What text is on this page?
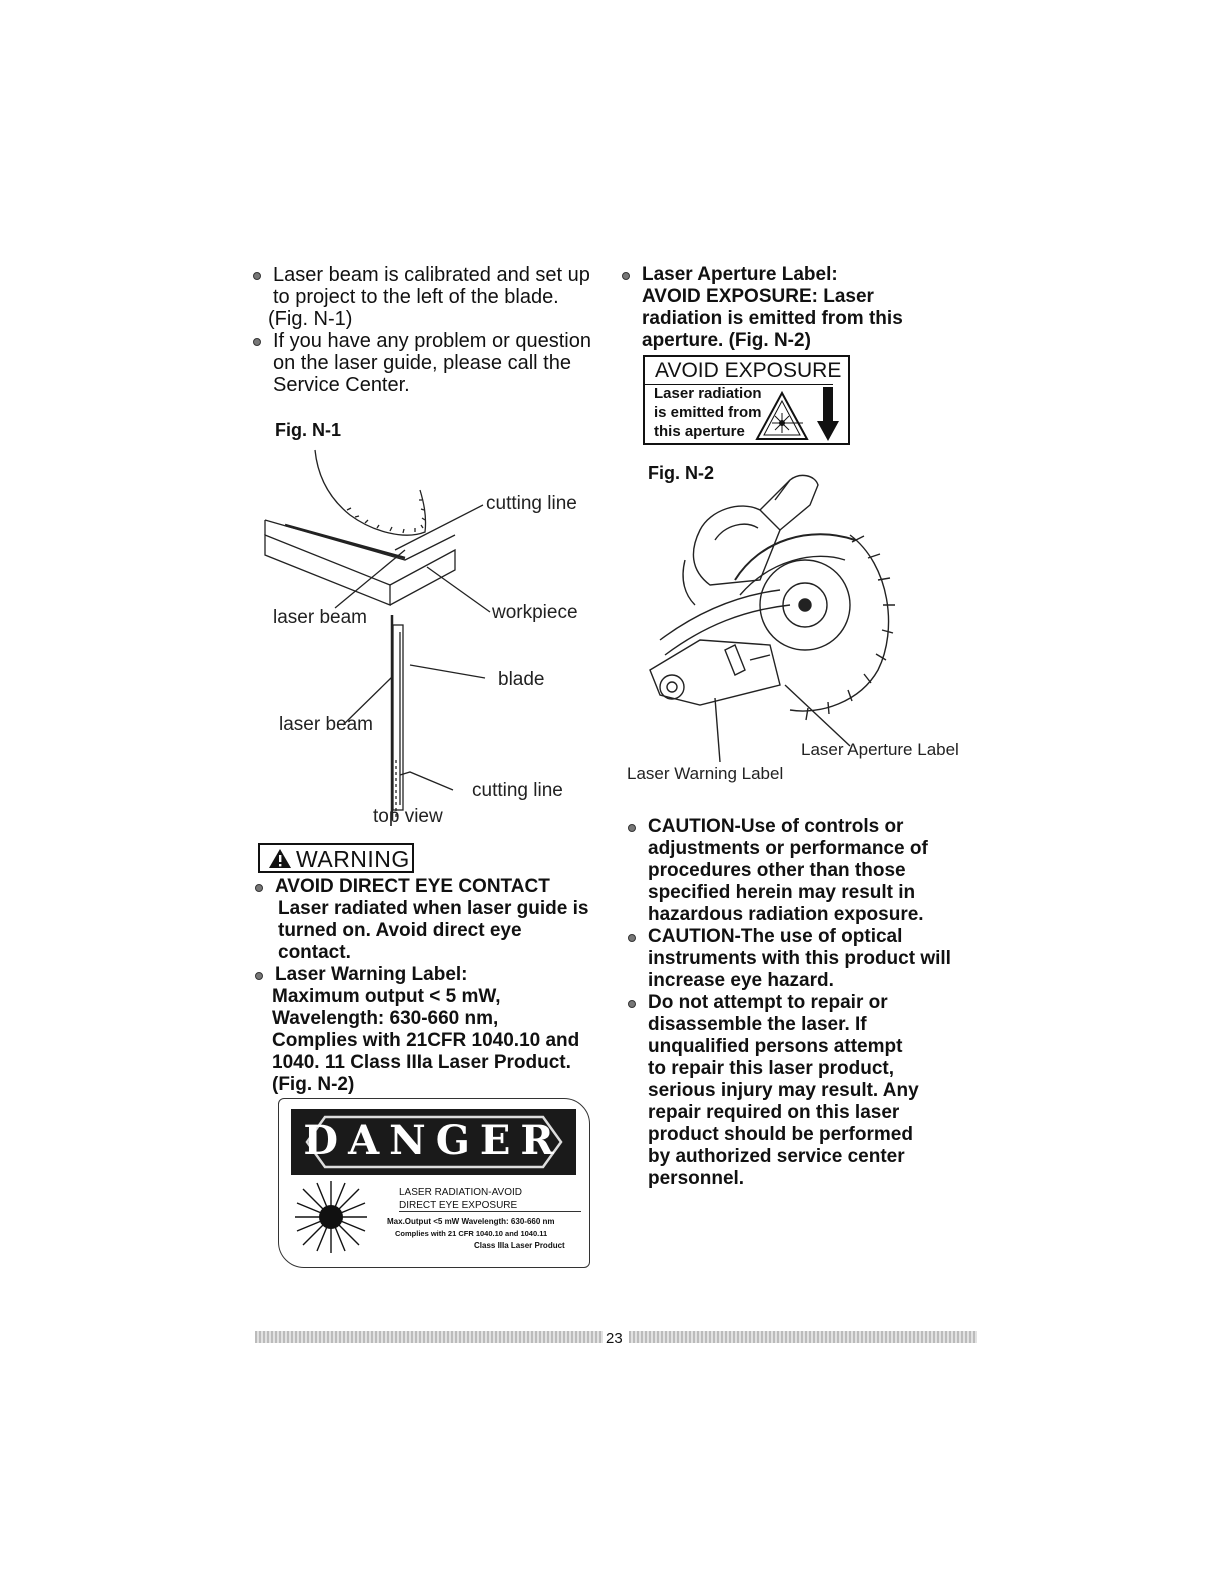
Laser beam is calibrated and set up
to project to the left of the blade.
(Fig. N-1)
If you have any problem or question
on the laser guide, please call the
Service Center.
Fig. N-1
cutting line
laser beam	workpiece
blade
laser beam
cutting line
top view
WARNING
AVOID DIRECT EYE CONTACT
Laser radiated when laser guide is
turned on. Avoid direct eye
contact.
Laser Warning Label:
Maximum output < 5 mW,
Wavelength: 630-660 nm,
Complies with 21CFR 1040.10 and
1040. 11 Class IIIa Laser Product.
(Fig. N-2)
DANGER
LASER RADIATION-AVOID
DIRECT EYE EXPOSURE
Max.Output <5 mW Wavelength: 630-660 nm
Complies with 21 CFR 1040.10 and 1040.11
Class IIIa Laser Product
Laser Aperture Label:
AVOID EXPOSURE: Laser
radiation is emitted from this
aperture. (Fig. N-2)
AVOID EXPOSURE
Laser radiation
is emitted from
this aperture
Fig. N-2
Laser Aperture Label
Laser Warning Label
CAUTION-Use of controls or
adjustments or performance of
procedures other than those
specified herein may result in
hazardous radiation exposure.
CAUTION-The use of optical
instruments with this product will
increase eye hazard.
Do not attempt to repair or
disassemble the laser. If
unqualified persons attempt
to repair this laser product,
serious injury may result. Any
repair required on this laser
product should be performed
by authorized service center
personnel.
23
